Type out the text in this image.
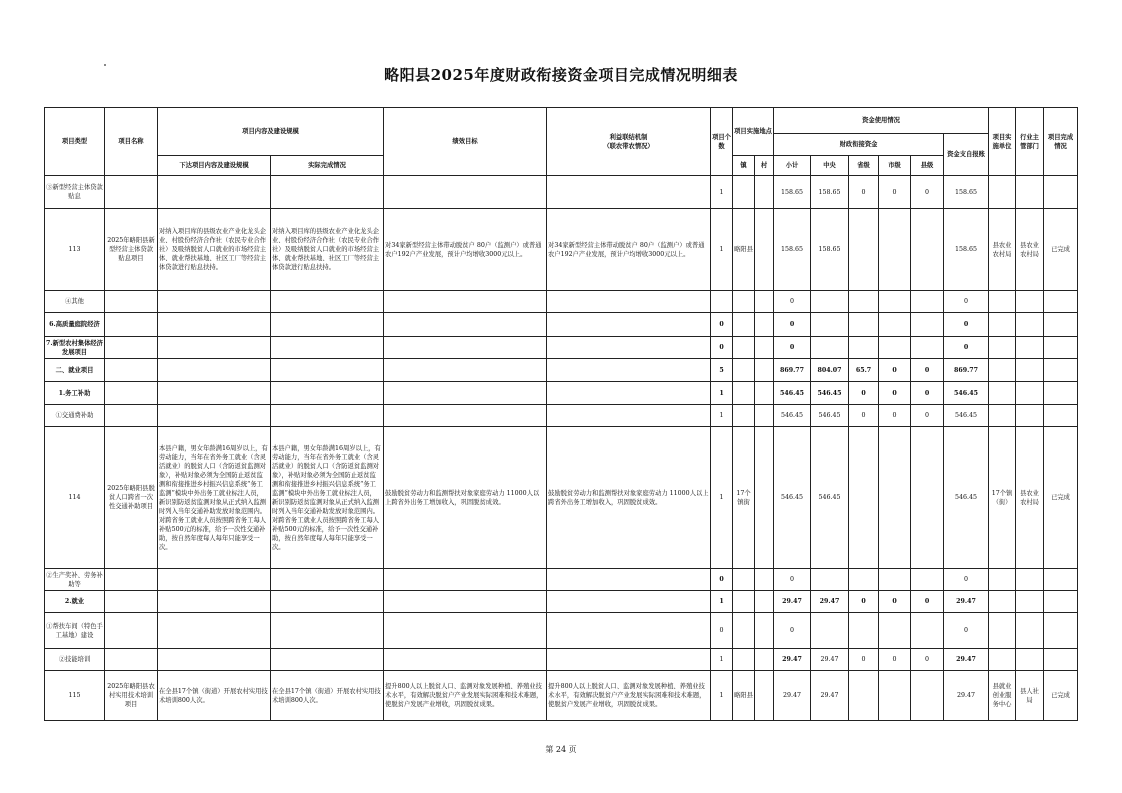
略阳县2025年度财政衔接资金项目完成情况明细表
项目类型	项目名称	项目内容及建设规模		绩效目标	利益联结机制
（联农带农情况）	项目个数	项目实施地点		资金使用情况						项目实施单位	行业主管部门	项目完成情况
									财政衔接资金					资金支自报账			
		下达项目内容及建设规模	实际完成情况				镇	村	小计	中央	省级	市级	县级				
③新型经营主体贷款贴息						1			158.65	158.65	0	0	0	158.65			
113	2025年略阳县新型经营主体贷款贴息项目	对纳入项目库的县级农业产业化龙头企业、村股份经济合作社（农民专业合作社）及吸纳脱贫人口就业的市场经营主体、就业帮扶基地、社区工厂等经营主体贷款进行贴息扶持。	对纳入项目库的县级农业产业化龙头企业、村股份经济合作社（农民专业合作社）及吸纳脱贫人口就业的市场经营主体、就业帮扶基地、社区工厂等经营主体贷款进行贴息扶持。	对34家新型经营主体带动脱贫户 80户（监测户）或普通农户192户产业发展，预计户均增收3000元以上。	对34家新型经营主体带动脱贫户 80户（监测户）或普通农户192户产业发展，预计户均增收3000元以上。	1	略阳县		158.65	158.65				158.65	县农业农村局	县农业农村局	已完成
④其他									0					0			
6.高质量庭院经济						0			0					0			
7.新型农村集体经济发展项目						0			0					0			
二、就业项目						5			869.77	804.07	65.7	0	0	869.77			
1.务工补助						1			546.45	546.45	0	0	0	546.45			
①交通费补助						1			546.45	546.45	0	0	0	546.45			
114	2025年略阳县脱贫人口跨省一次性交通补助项目	本县户籍，男女年龄满16周岁以上，有劳动能力，当年在省外务工就业（含灵活就业）的脱贫人口（含防返贫监测对象），补贴对象必须为全国防止返贫监测和衔接推进乡村振兴信息系统“务工监测”模块中外出务工就业标注人员，新识别防返贫监测对象从正式纳入监测时列入当年交通补助发放对象范围内。对跨省务工就业人员按照跨省务工每人补贴500元的标准，给予一次性交通补助，按自然年度每人每年只能享受一次。	本县户籍，男女年龄满16周岁以上，有劳动能力，当年在省外务工就业（含灵活就业）的脱贫人口（含防返贫监测对象），补贴对象必须为全国防止返贫监测和衔接推进乡村振兴信息系统“务工监测”模块中外出务工就业标注人员，新识别防返贫监测对象从正式纳入监测时列入当年交通补助发放对象范围内。对跨省务工就业人员按照跨省务工每人补贴500元的标准，给予一次性交通补助，按自然年度每人每年只能享受一次。	鼓励脱贫劳动力和监测帮扶对象家庭劳动力 11000人以上跨省外出务工增加收入，巩固脱贫成效。	鼓励脱贫劳动力和监测帮扶对象家庭劳动力 11000人以上跨省外出务工增加收入，巩固脱贫成效。	1	17个镇街		546.45	546.45				546.45	17个镇（街）	县农业农村局	已完成
②生产奖补、劳务补助等						0			0					0			
2.就业						1			29.47	29.47	0	0	0	29.47			
①帮扶车间（特色手工基地）建设						0			0					0			
②技能培训						1			29.47	29.47	0	0	0	29.47			
115	2025年略阳县农村实用技术培训项目	在全县17个镇（街道）开展农村实用技术培训800人次。	在全县17个镇（街道）开展农村实用技术培训800人次。	提升800人以上脱贫人口、监测对象发展种植、养殖业技术水平，有效解决脱贫户产业发展实际困难和技术难题，使脱贫户发展产业增收，巩固脱贫成果。	提升800人以上脱贫人口、监测对象发展种植、养殖业技术水平，有效解决脱贫户产业发展实际困难和技术难题，使脱贫户发展产业增收，巩固脱贫成果。	1	略阳县		29.47	29.47				29.47	县就业创业服务中心	县人社局	已完成
第 24 页
